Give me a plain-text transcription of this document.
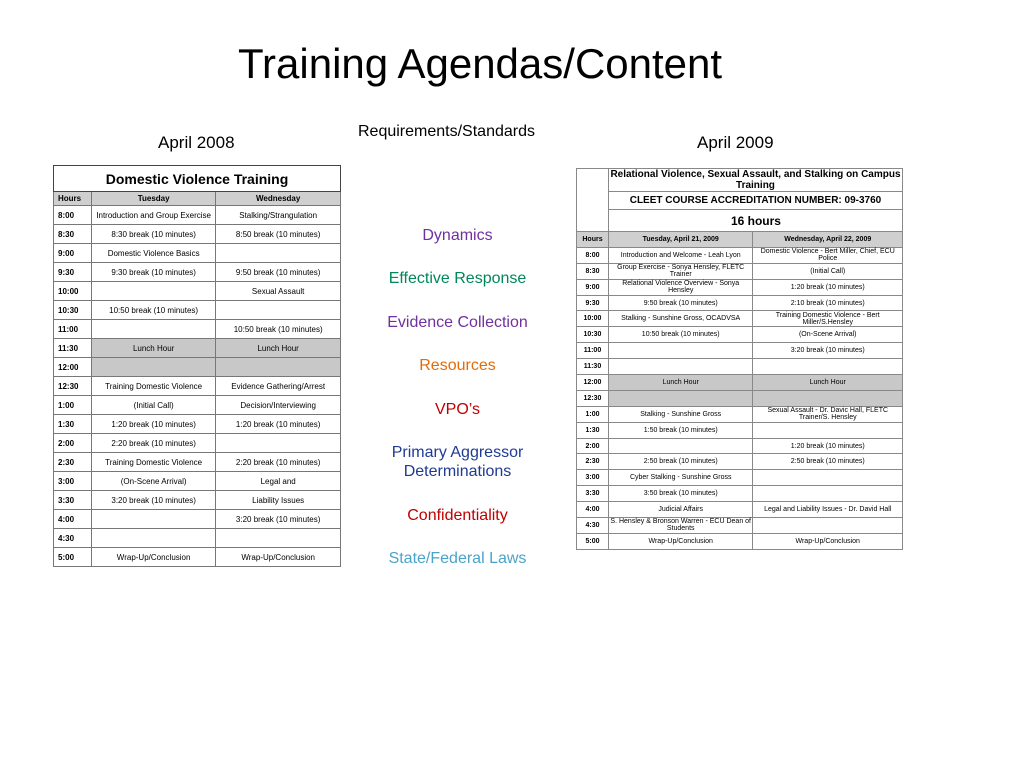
Training Agendas/Content
April 2008
Requirements/Standards
April 2009
Dynamics
Effective Response
Evidence Collection
Resources
VPO’s
Primary Aggressor Determinations
Confidentiality
State/Federal Laws
Domestic Violence Training		
Hours	Tuesday	Wednesday
8:00	Introduction and Group Exercise	Stalking/Strangulation
8:30	8:30 break (10 minutes)	8:50 break (10 minutes)
9:00	Domestic Violence Basics	
9:30	9:30 break (10 minutes)	9:50 break (10 minutes)
10:00		Sexual Assault
10:30	10:50 break (10 minutes)	
11:00		10:50 break (10 minutes)
11:30	Lunch Hour	Lunch Hour
12:00		
12:30	Training Domestic Violence	Evidence Gathering/Arrest
1:00	(Initial Call)	Decision/Interviewing
1:30	1:20 break (10 minutes)	1:20 break (10 minutes)
2:00	2:20 break (10 minutes)	
2:30	Training Domestic Violence	2:20 break (10 minutes)
3:00	(On-Scene Arrival)	Legal and
3:30	3:20 break (10 minutes)	Liability Issues
4:00		3:20 break (10 minutes)
4:30		
5:00	Wrap-Up/Conclusion	Wrap-Up/Conclusion
	Relational Violence, Sexual Assault, and Stalking on Campus Training	
	CLEET COURSE ACCREDITATION NUMBER: 09-3760	
	16 hours	
Hours	Tuesday, April 21, 2009	Wednesday, April 22, 2009
8:00	Introduction and Welcome - Leah Lyon	Domestic Violence - Bert Miller, Chief, ECU Police
8:30	Group Exercise - Sonya Hensley, FLETC Trainer	(Initial Call)
9:00	Relational Violence Overview - Sonya Hensley	1:20 break (10 minutes)
9:30	9:50 break (10 minutes)	2:10 break (10 minutes)
10:00	Stalking - Sunshine Gross, OCADVSA	Training Domestic Violence - Bert Miller/S.Hensley
10:30	10:50 break (10 minutes)	(On-Scene Arrival)
11:00		3:20 break (10 minutes)
11:30		
12:00	Lunch Hour	Lunch Hour
12:30		
1:00	Stalking - Sunshine Gross	Sexual Assault - Dr. Davic Hall, FLETC Trainer/S. Hensley
1:30	1:50 break (10 minutes)	
2:00		1:20 break (10 minutes)
2:30	2:50 break (10 minutes)	2:50 break (10 minutes)
3:00	Cyber Stalking - Sunshine Gross	
3:30	3:50 break (10 minutes)	
4:00	Judicial Affairs	Legal and Liability Issues - Dr. David Hall
4:30	S. Hensley & Bronson Warren - ECU Dean of Students	
5:00	Wrap-Up/Conclusion	Wrap-Up/Conclusion
